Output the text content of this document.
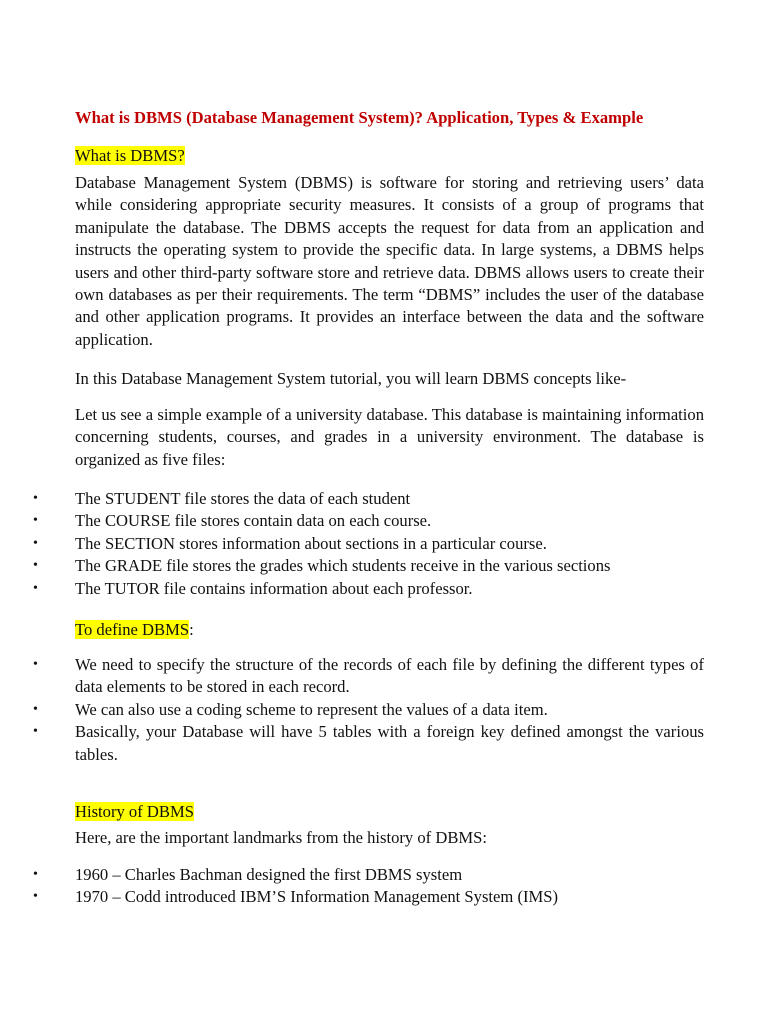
What is DBMS (Database Management System)? Application, Types & Example
What is DBMS?

Database Management System (DBMS) is software for storing and retrieving users’ data while considering appropriate security measures. It consists of a group of programs that manipulate the database. The DBMS accepts the request for data from an application and instructs the operating system to provide the specific data. In large systems, a DBMS helps users and other third-party software store and retrieve data. DBMS allows users to create their own databases as per their requirements. The term “DBMS” includes the user of the database and other application programs. It provides an interface between the data and the software application.

In this Database Management System tutorial, you will learn DBMS concepts like-

Let us see a simple example of a university database. This database is maintaining information concerning students, courses, and grades in a university environment. The database is organized as five files:

• The STUDENT file stores the data of each student
• The COURSE file stores contain data on each course.
• The SECTION stores information about sections in a particular course.
• The GRADE file stores the grades which students receive in the various sections
• The TUTOR file contains information about each professor.
To define DBMS:
• We need to specify the structure of the records of each file by defining the different types of data elements to be stored in each record.
• We can also use a coding scheme to represent the values of a data item.
• Basically, your Database will have 5 tables with a foreign key defined amongst the various tables.
History of DBMS

Here, are the important landmarks from the history of DBMS:

• 1960 – Charles Bachman designed the first DBMS system
• 1970 – Codd introduced IBM’S Information Management System (IMS)
